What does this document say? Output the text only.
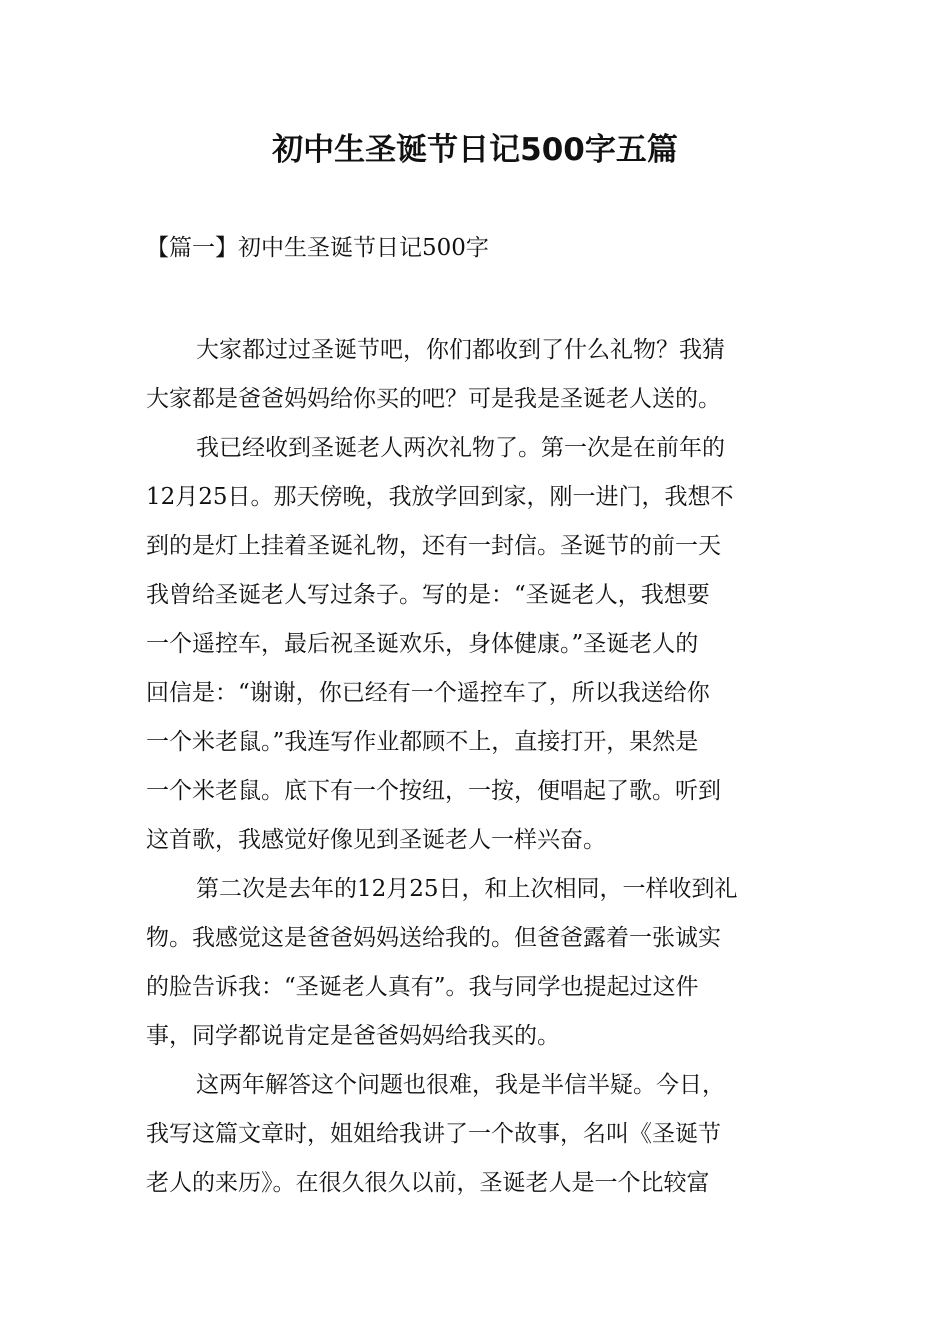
初中生圣诞节日记500字五篇

【篇一】初中生圣诞节日记500字

大家都过过圣诞节吧，你们都收到了什么礼物？我猜

大家都是爸爸妈妈给你买的吧？可是我是圣诞老人送的。

我已经收到圣诞老人两次礼物了。第一次是在前年的

12月25日。那天傍晚，我放学回到家，刚一进门，我想不

到的是灯上挂着圣诞礼物，还有一封信。圣诞节的前一天

我曾给圣诞老人写过条子。写的是：“圣诞老人，我想要

一个遥控车，最后祝圣诞欢乐，身体健康。”圣诞老人的

回信是：“谢谢，你已经有一个遥控车了，所以我送给你

一个米老鼠。”我连写作业都顾不上，直接打开，果然是

一个米老鼠。底下有一个按纽，一按，便唱起了歌。听到

这首歌，我感觉好像见到圣诞老人一样兴奋。

第二次是去年的12月25日，和上次相同，一样收到礼

物。我感觉这是爸爸妈妈送给我的。但爸爸露着一张诚实

的脸告诉我：“圣诞老人真有”。我与同学也提起过这件

事，同学都说肯定是爸爸妈妈给我买的。

这两年解答这个问题也很难，我是半信半疑。今日，

我写这篇文章时，姐姐给我讲了一个故事，名叫《圣诞节

老人的来历》。在很久很久以前，圣诞老人是一个比较富
